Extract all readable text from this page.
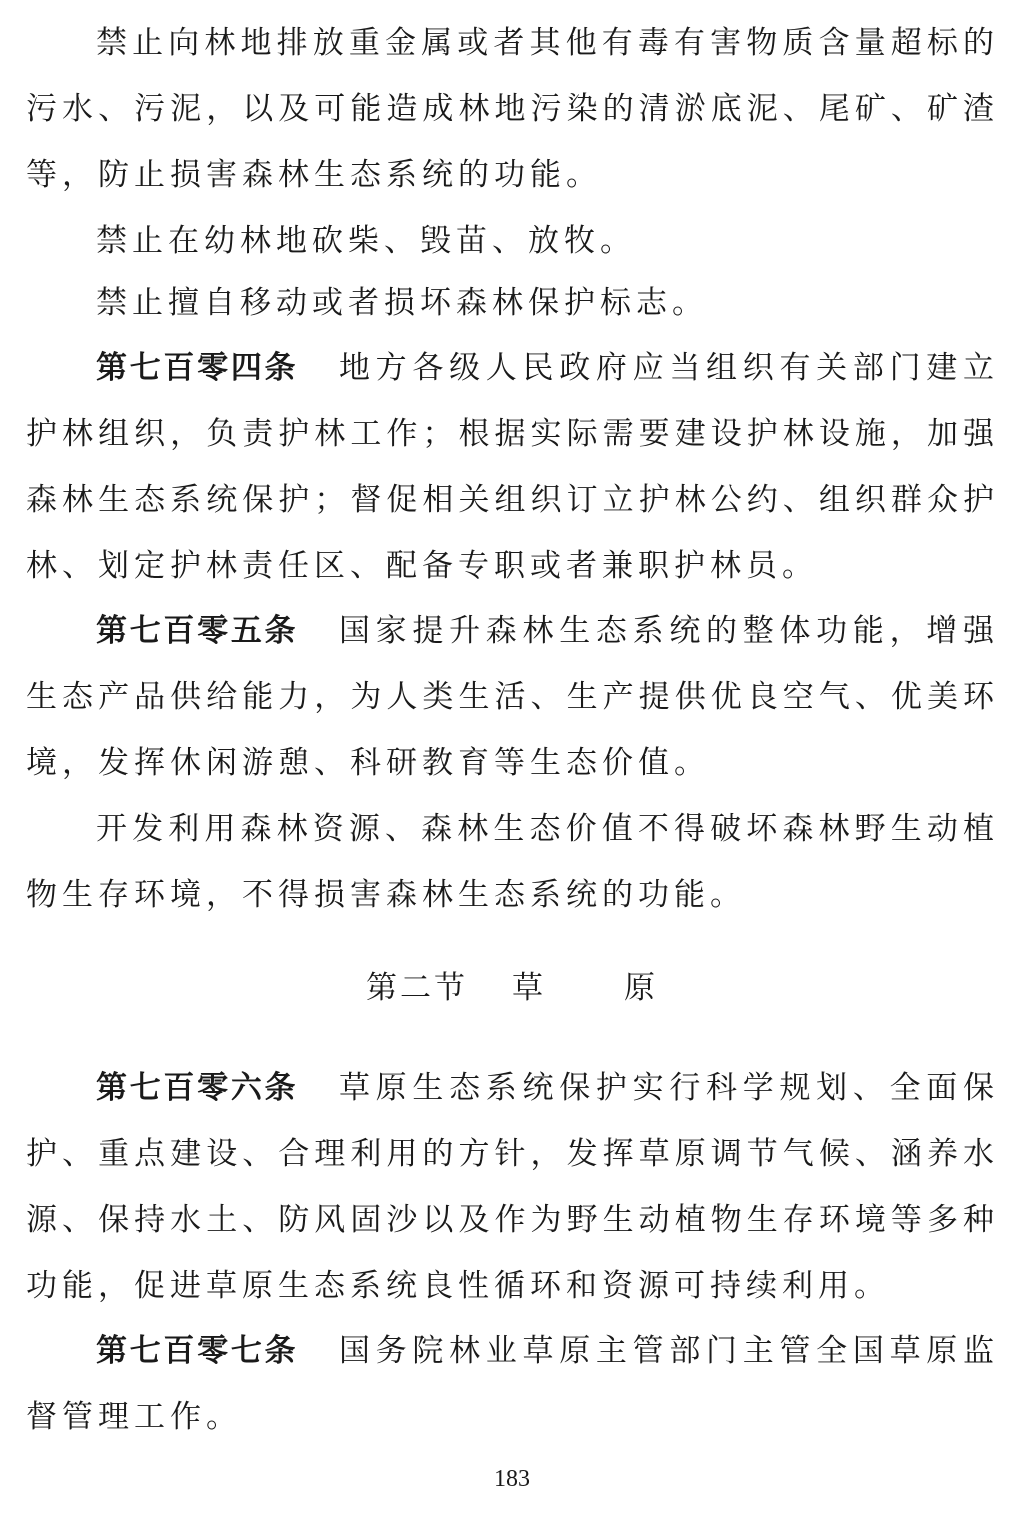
禁止向林地排放重金属或者其他有毒有害物质含量超标的污水、污泥，以及可能造成林地污染的清淤底泥、尾矿、矿渣等，防止损害森林生态系统的功能。

禁止在幼林地砍柴、毁苗、放牧。

禁止擅自移动或者损坏森林保护标志。

第七百零四条 地方各级人民政府应当组织有关部门建立护林组织，负责护林工作；根据实际需要建设护林设施，加强森林生态系统保护；督促相关组织订立护林公约、组织群众护林、划定护林责任区、配备专职或者兼职护林员。

第七百零五条 国家提升森林生态系统的整体功能，增强生态产品供给能力，为人类生活、生产提供优良空气、优美环境，发挥休闲游憩、科研教育等生态价值。

开发利用森林资源、森林生态价值不得破坏森林野生动植物生存环境，不得损害森林生态系统的功能。

第二节 草	原

第七百零六条 草原生态系统保护实行科学规划、全面保护、重点建设、合理利用的方针，发挥草原调节气候、涵养水源、保持水土、防风固沙以及作为野生动植物生存环境等多种功能，促进草原生态系统良性循环和资源可持续利用。

第七百零七条 国务院林业草原主管部门主管全国草原监督管理工作。

183
